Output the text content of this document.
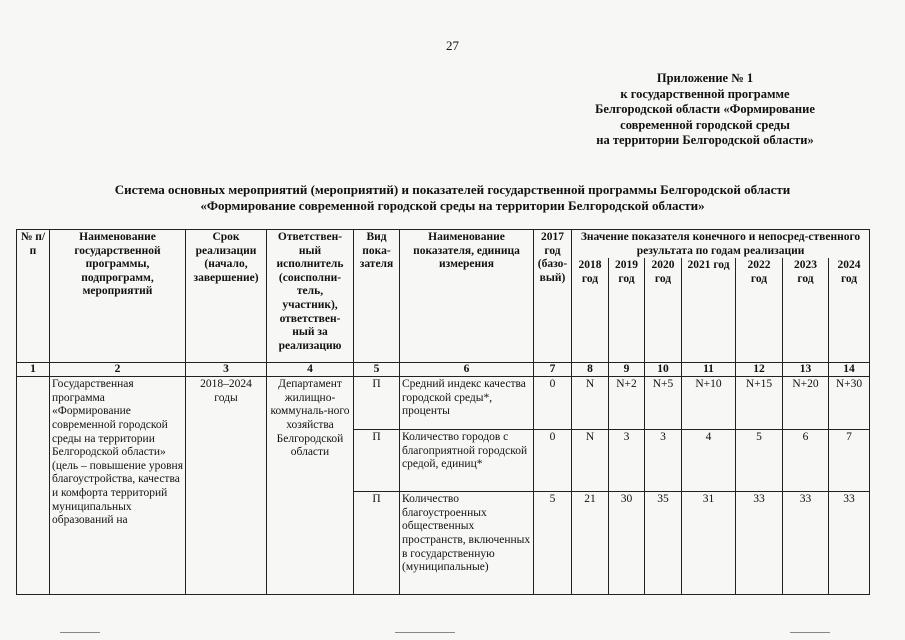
27
Приложение № 1
к государственной программе
Белгородской области «Формирование
современной городской среды
на территории Белгородской области»
Система основных мероприятий (мероприятий) и показателей государственной программы Белгородской области
«Формирование современной городской среды на территории Белгородской области»
№ п/п	Наименование государственной программы, подпрограмм, мероприятий	Срок реализации (начало, завершение)	Ответствен-ный исполнитель (соисполни-тель, участник), ответствен-ный за реализацию	Вид пока-зателя	Наименование показателя, единица измерения	2017 год (базо-вый)	Значение показателя конечного и непосред-ственного результата по годам реализации						
							2018 год	2019 год	2020 год	2021 год	2022 год	2023 год	2024 год
1	2	3	4	5	6	7	8	9	10	11	12	13	14
	Государственная программа «Формирование современной городской среды на территории Белгородской области» (цель – повышение уровня благоустройства, качества и комфорта территорий муниципальных образований на	2018–2024 годы	Департамент жилищно-коммуналь-ного хозяйства Белгородской области	П	Средний индекс качества городской среды*, проценты	0	N	N+2	N+5	N+10	N+15	N+20	N+30
				П	Количество городов с благоприятной городской средой, единиц*	0	N	3	3	4	5	6	7
				П	Количество благоустроенных общественных пространств, включенных в государственную (муниципальные)	5	21	30	35	31	33	33	33
